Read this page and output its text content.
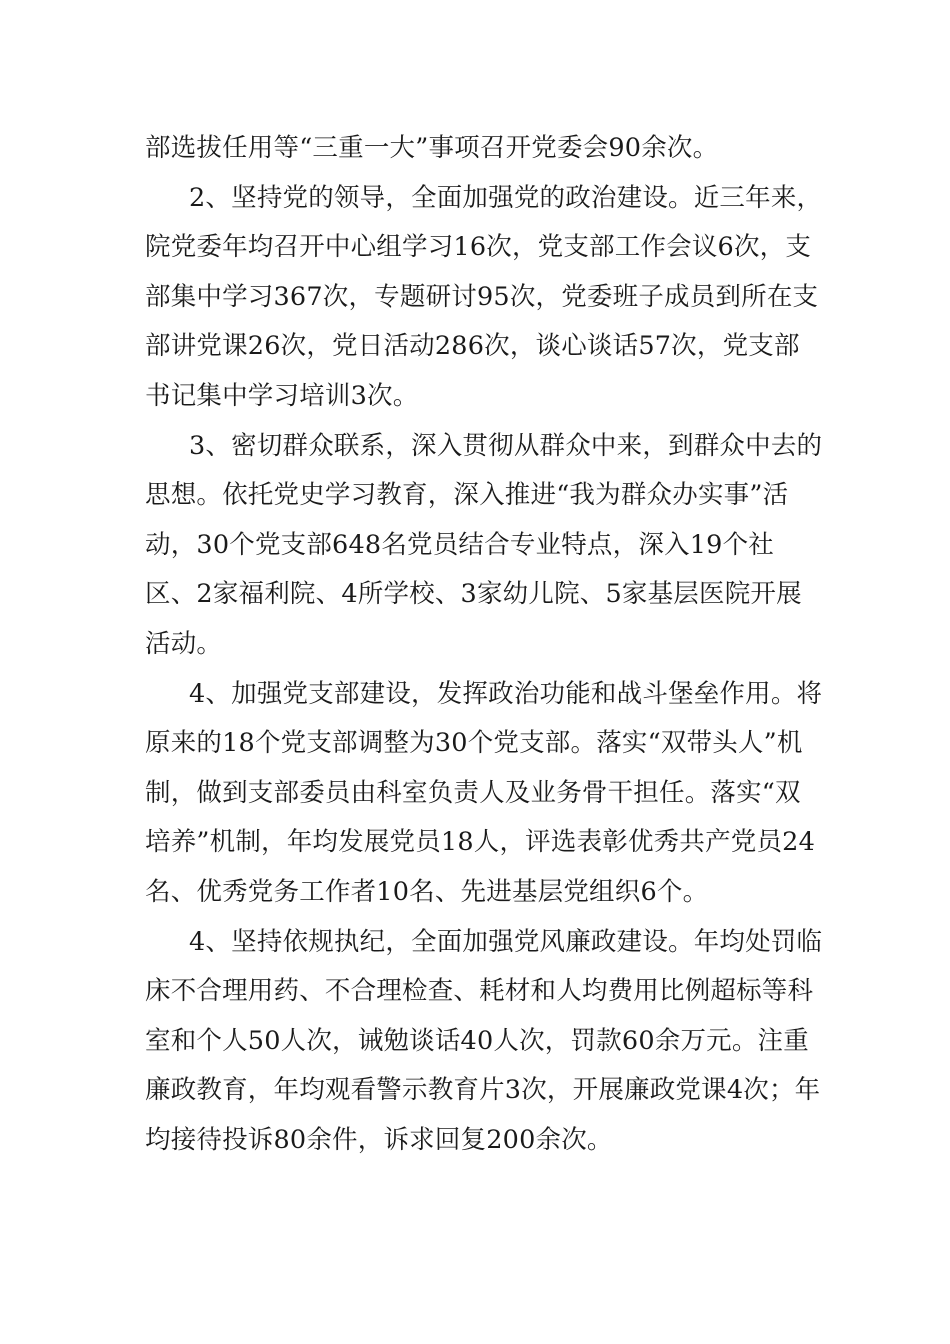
部选拔任用等“三重一大”事项召开党委会90余次。

2、坚持党的领导，全面加强党的政治建设。近三年来，院党委年均召开中心组学习16次，党支部工作会议6次，支部集中学习367次，专题研讨95次，党委班子成员到所在支部讲党课26次，党日活动286次，谈心谈话57次，党支部书记集中学习培训3次。

3、密切群众联系，深入贯彻从群众中来，到群众中去的思想。依托党史学习教育，深入推进“我为群众办实事”活动，30个党支部648名党员结合专业特点，深入19个社区、2家福利院、4所学校、3家幼儿院、5家基层医院开展活动。

4、加强党支部建设，发挥政治功能和战斗堡垒作用。将原来的18个党支部调整为30个党支部。落实“双带头人”机制，做到支部委员由科室负责人及业务骨干担任。落实“双培养”机制，年均发展党员18人，评选表彰优秀共产党员24名、优秀党务工作者10名、先进基层党组织6个。

4、坚持依规执纪，全面加强党风廉政建设。年均处罚临床不合理用药、不合理检查、耗材和人均费用比例超标等科室和个人50人次，诫勉谈话40人次，罚款60余万元。注重廉政教育，年均观看警示教育片3次，开展廉政党课4次；年均接待投诉80余件，诉求回复200余次。
